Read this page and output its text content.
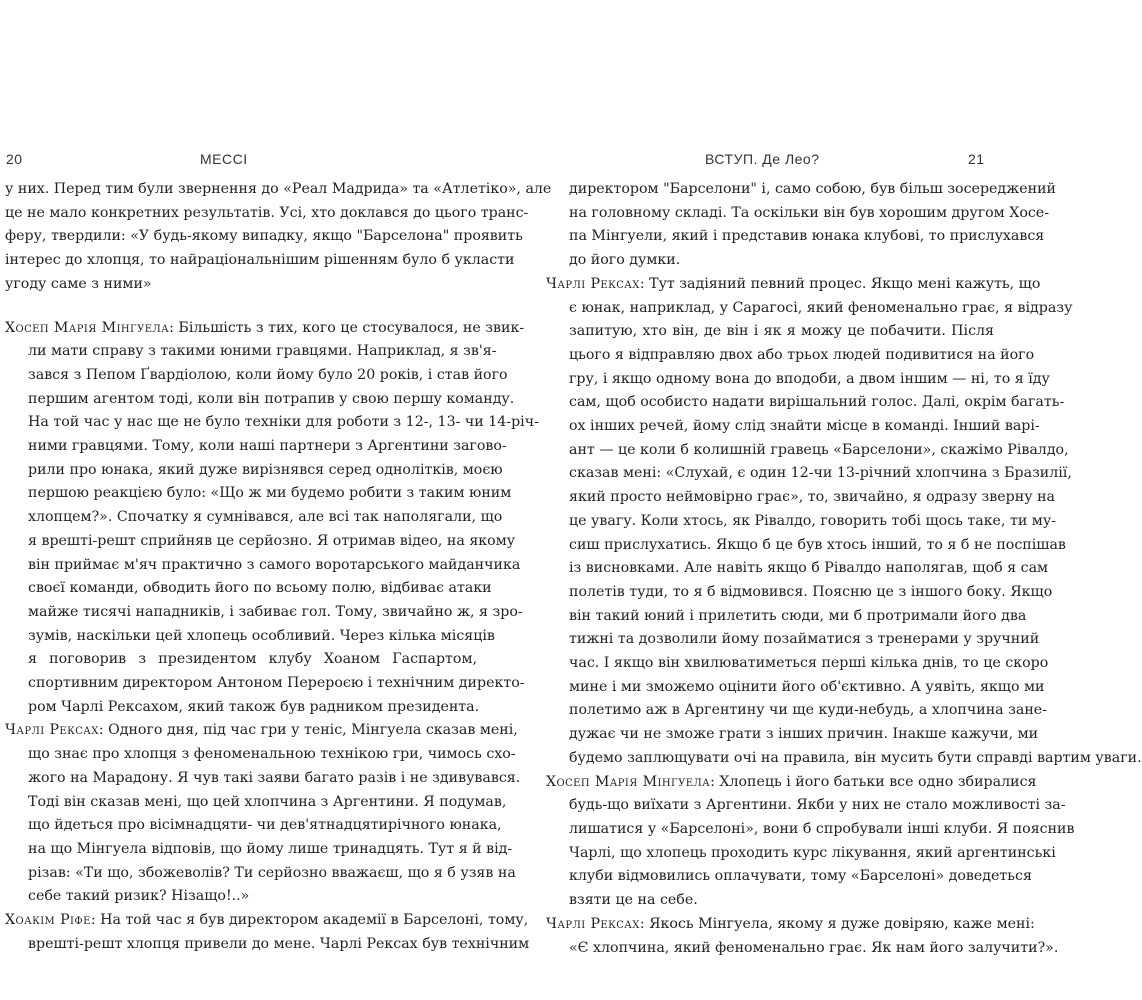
20	МЕССІ
у них. Перед тим були звернення до «Реал Мадрида» та «Атлетіко», але
це не мало конкретних результатів. Усі, хто доклався до цього транс-
феру, твердили: «У будь-якому випадку, якщо "Барселона" проявить
інтерес до хлопця, то найраціональнішим рішенням було б укласти
угоду саме з ними»
Хосеп Марія Мінгуела: Більшість з тих, кого це стосувалося, не звик-
ли мати справу з такими юними гравцями. Наприклад, я зв'я-
зався з Пепом Ґвардіолою, коли йому було 20 років, і став його
першим агентом тоді, коли він потрапив у свою першу команду.
На той час у нас ще не було техніки для роботи з 12-, 13- чи 14-річ-
ними гравцями. Тому, коли наші партнери з Аргентини загово-
рили про юнака, який дуже вирізнявся серед однолітків, моєю
першою реакцією було: «Що ж ми будемо робити з таким юним
хлопцем?». Спочатку я сумнівався, але всі так наполягали, що
я врешті-решт сприйняв це серйозно. Я отримав відео, на якому
він приймає м'яч практично з самого воротарського майданчика
своєї команди, обводить його по всьому полю, відбиває атаки
майже тисячі нападників, і забиває гол. Тому, звичайно ж, я зро-
зумів, наскільки цей хлопець особливий. Через кілька місяців
я поговорив з президентом клубу Хоаном Гаспартом,
спортивним директором Антоном Перероєю і технічним директо-
ром Чарлі Рексахом, який також був радником президента.
Чарлі Рексах: Одного дня, під час гри у теніс, Мінгуела сказав мені,
що знає про хлопця з феноменальною технікою гри, чимось схо-
жого на Марадону. Я чув такі заяви багато разів і не здивувався.
Тоді він сказав мені, що цей хлопчина з Аргентини. Я подумав,
що йдеться про вісімнадцяти- чи дев'ятнадцятирічного юнака,
на що Мінгуела відповів, що йому лише тринадцять. Тут я й від-
різав: «Ти що, збожеволів? Ти серйозно вважаєш, що я б узяв на
себе такий ризик? Нізащо!..»
Хоакім Ріфе: На той час я був директором академії в Барселоні, тому,
врешті-решт хлопця привели до мене. Чарлі Рексах був технічним
ВСТУП. Де Лео?	21
директором "Барселони" і, само собою, був більш зосереджений
на головному складі. Та оскільки він був хорошим другом Хосе-
па Мінгуели, який і представив юнака клубові, то прислухався
до його думки.
Чарлі Рексах: Тут задіяний певний процес. Якщо мені кажуть, що
є юнак, наприклад, у Сарагосі, який феноменально грає, я відразу
запитую, хто він, де він і як я можу це побачити. Після
цього я відправляю двох або трьох людей подивитися на його
гру, і якщо одному вона до вподоби, а двом іншим — ні, то я їду
сам, щоб особисто надати вирішальний голос. Далі, окрім багать-
ох інших речей, йому слід знайти місце в команді. Інший варі-
ант — це коли б колишній гравець «Барселони», скажімо Рівалдо,
сказав мені: «Слухай, є один 12-чи 13-річний хлопчина з Бразилії,
який просто неймовірно грає», то, звичайно, я одразу зверну на
це увагу. Коли хтось, як Рівалдо, говорить тобі щось таке, ти му-
сиш прислухатись. Якщо б це був хтось інший, то я б не поспішав
із висновками. Але навіть якщо б Рівалдо наполягав, щоб я сам
полетів туди, то я б відмовився. Поясню це з іншого боку. Якщо
він такий юний і прилетить сюди, ми б протримали його два
тижні та дозволили йому позайматися з тренерами у зручний
час. І якщо він хвилюватиметься перші кілька днів, то це скоро
мине і ми зможемо оцінити його об'єктивно. А уявіть, якщо ми
полетимо аж в Аргентину чи ще куди-небудь, а хлопчина зане-
дужає чи не зможе грати з інших причин. Інакше кажучи, ми
будемо заплющувати очі на правила, він мусить бути справді вартим уваги.
Хосеп Марія Мінгуела: Хлопець і його батьки все одно збиралися
будь-що виїхати з Аргентини. Якби у них не стало можливості за-
лишатися у «Барселоні», вони б спробували інші клуби. Я пояснив
Чарлі, що хлопець проходить курс лікування, який аргентинські
клуби відмовились оплачувати, тому «Барселоні» доведеться
взяти це на себе.
Чарлі Рексах: Якось Мінгуела, якому я дуже довіряю, каже мені:
«Є хлопчина, який феноменально грає. Як нам його залучити?».
